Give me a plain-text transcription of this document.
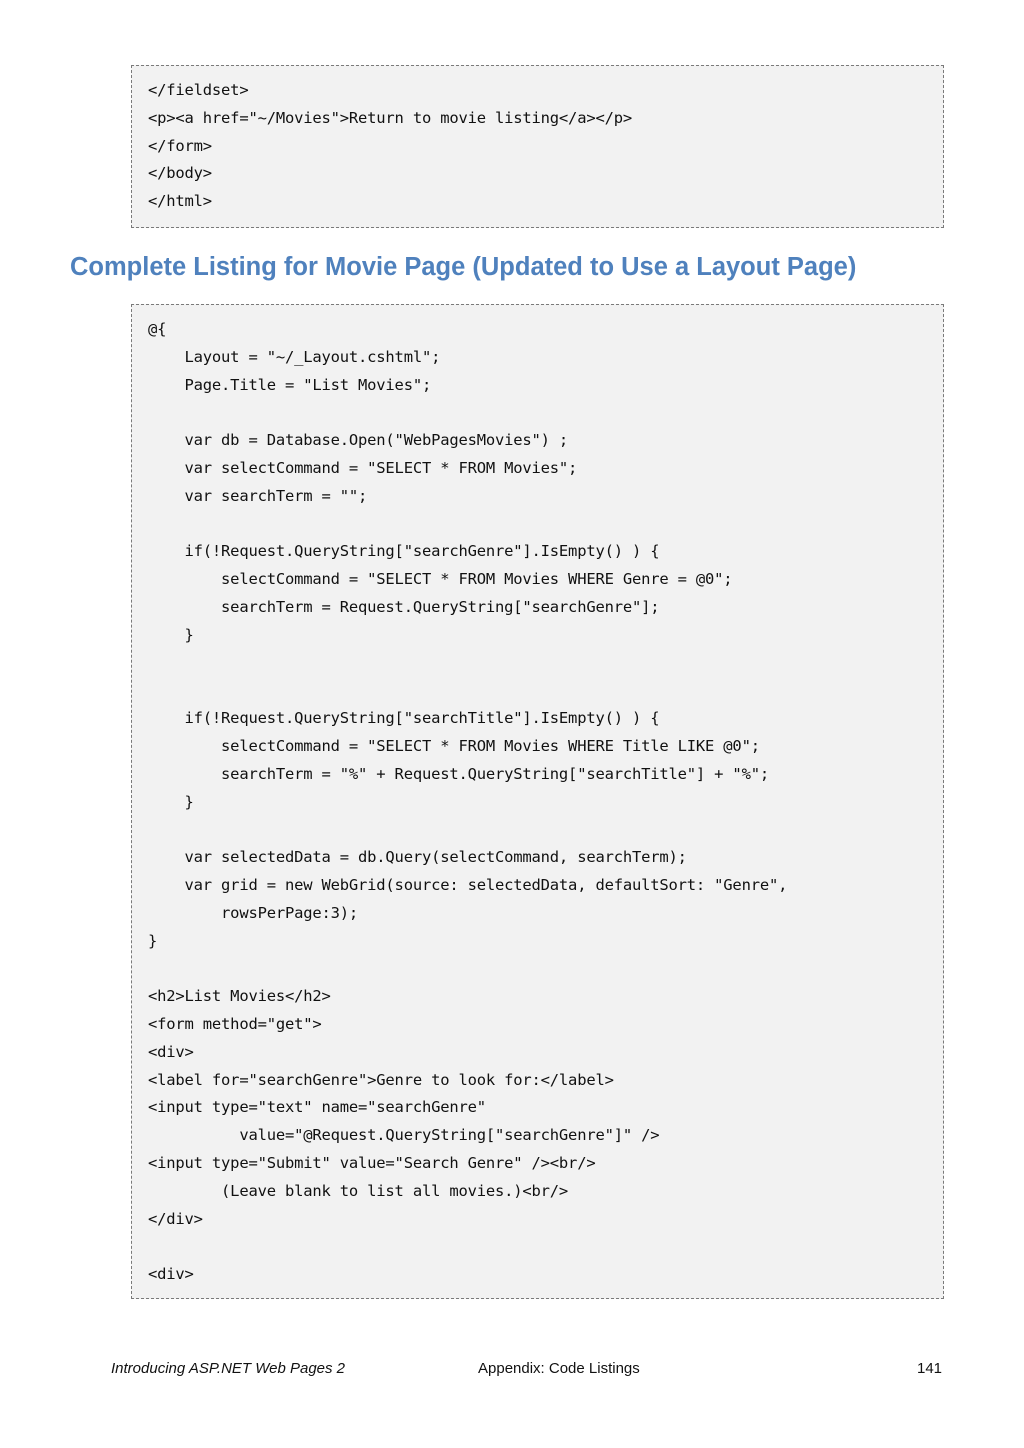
</fieldset>
<p><a href="~/Movies">Return to movie listing</a></p>
</form>
</body>
</html>
Complete Listing for Movie Page (Updated to Use a Layout Page)
@{
Layout = "~/_Layout.cshtml";
Page.Title = "List Movies";
var db = Database.Open("WebPagesMovies") ;
var selectCommand = "SELECT * FROM Movies";
var searchTerm = "";
if(!Request.QueryString["searchGenre"].IsEmpty() ) {
selectCommand = "SELECT * FROM Movies WHERE Genre = @0";
searchTerm = Request.QueryString["searchGenre"];
}
if(!Request.QueryString["searchTitle"].IsEmpty() ) {
selectCommand = "SELECT * FROM Movies WHERE Title LIKE @0";
searchTerm = "%" + Request.QueryString["searchTitle"] + "%";
}
var selectedData = db.Query(selectCommand, searchTerm);
var grid = new WebGrid(source: selectedData, defaultSort: "Genre",
rowsPerPage:3);
}
<h2>List Movies</h2>
<form method="get">
<div>
<label for="searchGenre">Genre to look for:</label>
<input type="text" name="searchGenre"
value="@Request.QueryString["searchGenre"]" />
<input type="Submit" value="Search Genre" /><br/>
(Leave blank to list all movies.)<br/>
</div>
<div>
Introducing ASP.NET Web Pages 2	Appendix: Code Listings	141
